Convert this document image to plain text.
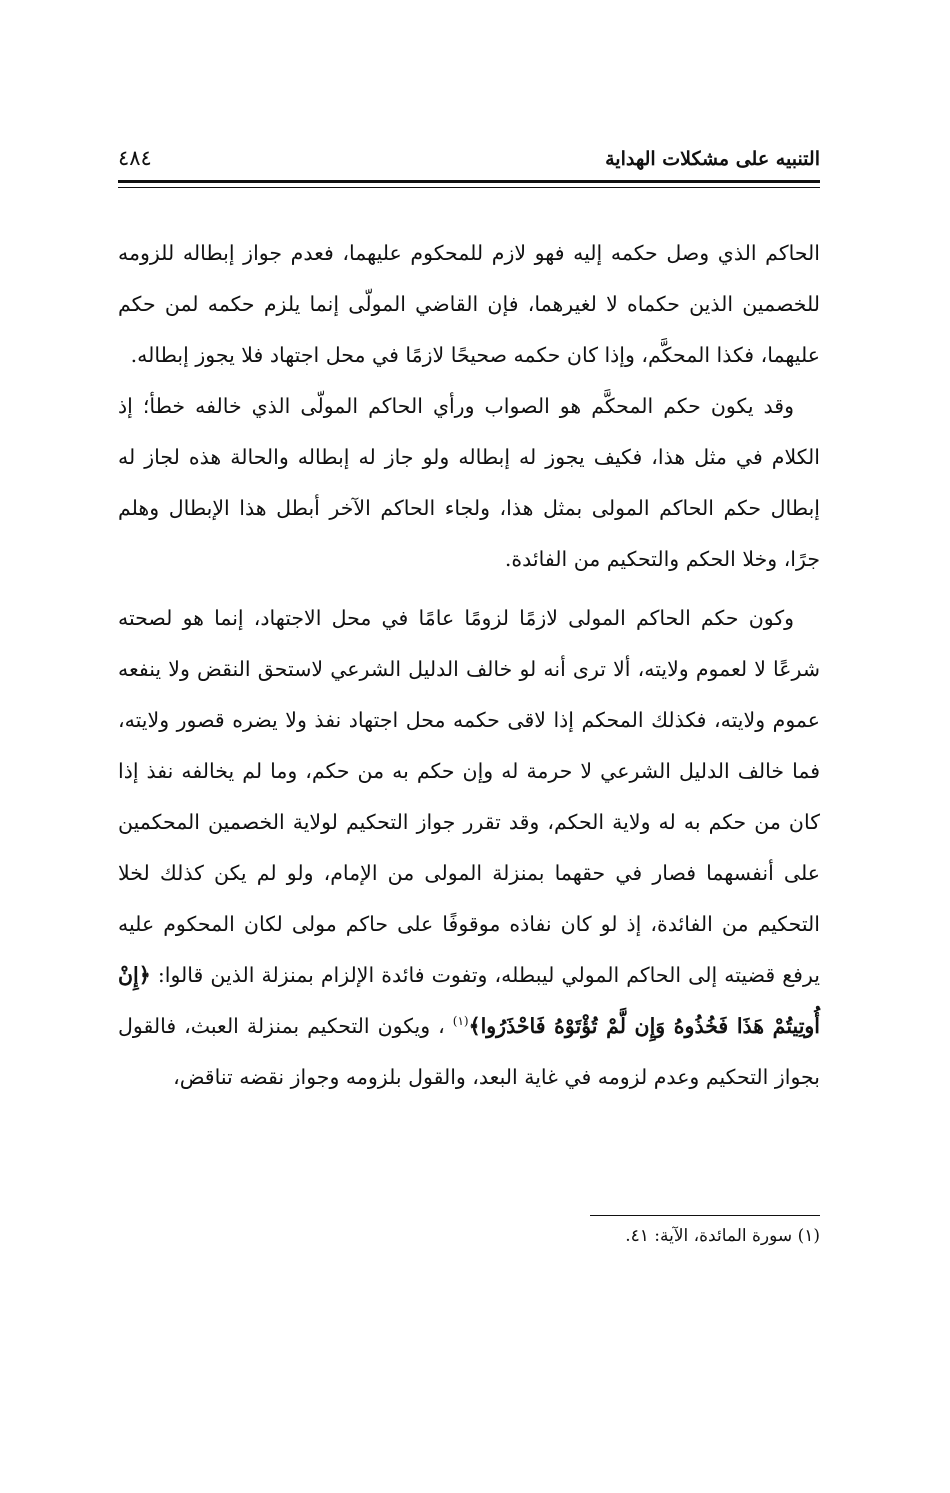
التنبيه على مشكلات الهداية
٤٨٤

الحاكم الذي وصل حكمه إليه فهو لازم للمحكوم عليهما، فعدم جواز إبطاله للزومه للخصمين الذين حكماه لا لغيرهما، فإن القاضي المولّى إنما يلزم حكمه لمن حكم عليهما، فكذا المحكَّم، وإذا كان حكمه صحيحًا لازمًا في محل اجتهاد فلا يجوز إبطاله.

وقد يكون حكم المحكَّم هو الصواب ورأي الحاكم المولّى الذي خالفه خطأ؛ إذ الكلام في مثل هذا، فكيف يجوز له إبطاله ولو جاز له إبطاله والحالة هذه لجاز له إبطال حكم الحاكم المولى بمثل هذا، ولجاء الحاكم الآخر أبطل هذا الإبطال وهلم جرًا، وخلا الحكم والتحكيم من الفائدة.

وكون حكم الحاكم المولى لازمًا لزومًا عامًا في محل الاجتهاد، إنما هو لصحته شرعًا لا لعموم ولايته، ألا ترى أنه لو خالف الدليل الشرعي لاستحق النقض ولا ينفعه عموم ولايته، فكذلك المحكم إذا لاقى حكمه محل اجتهاد نفذ ولا يضره قصور ولايته، فما خالف الدليل الشرعي لا حرمة له وإن حكم به من حكم، وما لم يخالفه نفذ إذا كان من حكم به له ولاية الحكم، وقد تقرر جواز التحكيم لولاية الخصمين المحكمين على أنفسهما فصار في حقهما بمنزلة المولى من الإمام، ولو لم يكن كذلك لخلا التحكيم من الفائدة، إذ لو كان نفاذه موقوفًا على حاكم مولى لكان المحكوم عليه يرفع قضيته إلى الحاكم المولي ليبطله، وتفوت فائدة الإلزام بمنزلة الذين قالوا: ﴿إِنْ أُوتِيتُمْ هَذَا فَخُذُوهُ وَإِن لَّمْ تُؤْتَوْهُ فَاحْذَرُوا﴾$^{(١)}$ ، ويكون التحكيم بمنزلة العبث، فالقول بجواز التحكيم وعدم لزومه في غاية البعد، والقول بلزومه وجواز نقضه تناقض،

(١) سورة المائدة، الآية: ٤١.
